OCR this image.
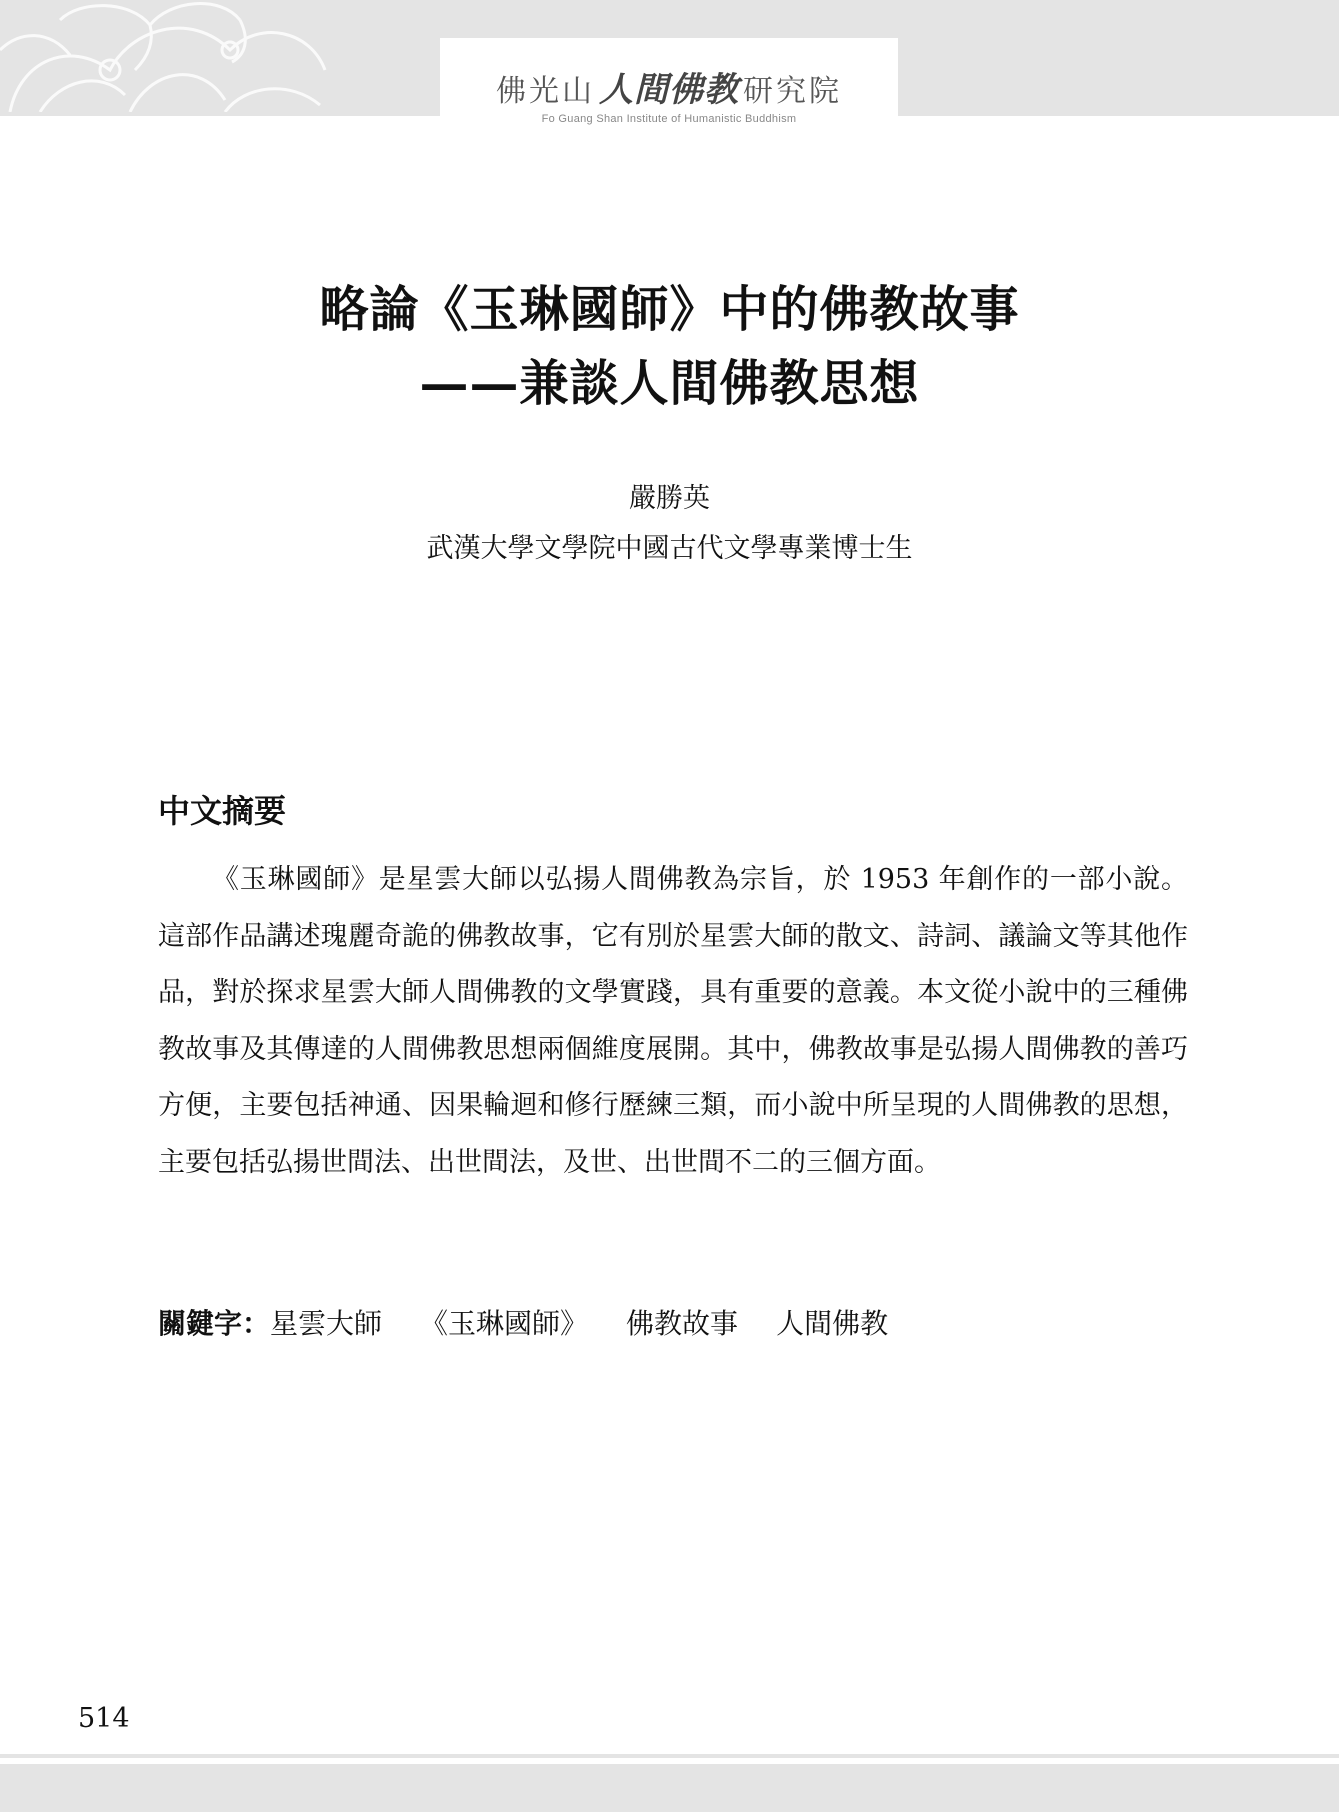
佛光山 人間佛教 研究院
Fo Guang Shan Institute of Humanistic Buddhism
略論《玉琳國師》中的佛教故事
——兼談人間佛教思想
嚴勝英
武漢大學文學院中國古代文學專業博士生
中文摘要

《玉琳國師》是星雲大師以弘揚人間佛教為宗旨，於 1953 年創作的一部小說。這部作品講述瑰麗奇詭的佛教故事，它有別於星雲大師的散文、詩詞、議論文等其他作品，對於探求星雲大師人間佛教的文學實踐，具有重要的意義。本文從小說中的三種佛教故事及其傳達的人間佛教思想兩個維度展開。其中，佛教故事是弘揚人間佛教的善巧方便，主要包括神通、因果輪迴和修行歷練三類，而小說中所呈現的人間佛教的思想，主要包括弘揚世間法、出世間法，及世、出世間不二的三個方面。

關鍵字：星雲大師 《玉琳國師》 佛教故事 人間佛教
514
